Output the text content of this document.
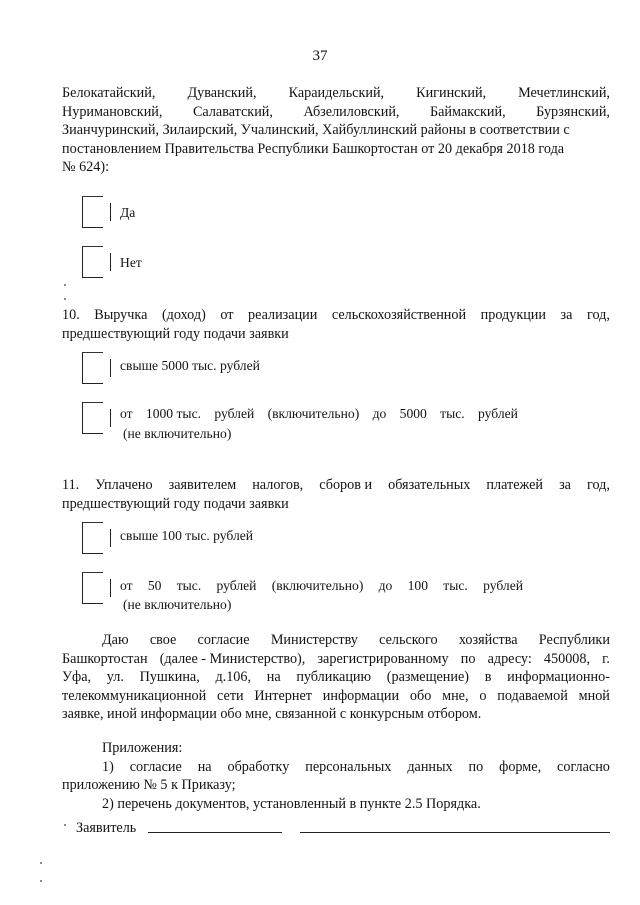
37
Белокатайский, Дуванский, Караидельский, Кигинский, Мечетлинский,
Нуримановский, Салаватский, Абзелиловский, Баймакский, Бурзянский,
Зианчуринский, Зилаирский, Учалинский, Хайбуллинский районы в соответствии с
постановлением Правительства Республики Башкортостан от 20 декабря 2018 года
№ 624):
Да
Нет
10. Выручка (доход) от реализации сельскохозяйственной продукции за год,
предшествующий году подачи заявки
свыше 5000 тыс. рублей
от 1000 тыс. рублей (включительно) до 5000 тыс. рублей
(не включительно)
11. Уплачено заявителем налогов, сборов и обязательных платежей за год,
предшествующий году подачи заявки
свыше 100 тыс. рублей
от 50 тыс. рублей (включительно) до 100 тыс. рублей
(не включительно)
Даю свое согласие Министерству сельского хозяйства Республики
Башкортостан (далее - Министерство), зарегистрированному по адресу: 450008, г.
Уфа, ул. Пушкина, д.106, на публикацию (размещение) в информационно-
телекоммуникационной сети Интернет информации обо мне, о подаваемой мной
заявке, иной информации обо мне, связанной с конкурсным отбором.
Приложения:
1) согласие на обработку персональных данных по форме, согласно
приложению № 5 к Приказу;
2) перечень документов, установленный в пункте 2.5 Порядка.
Заявитель
